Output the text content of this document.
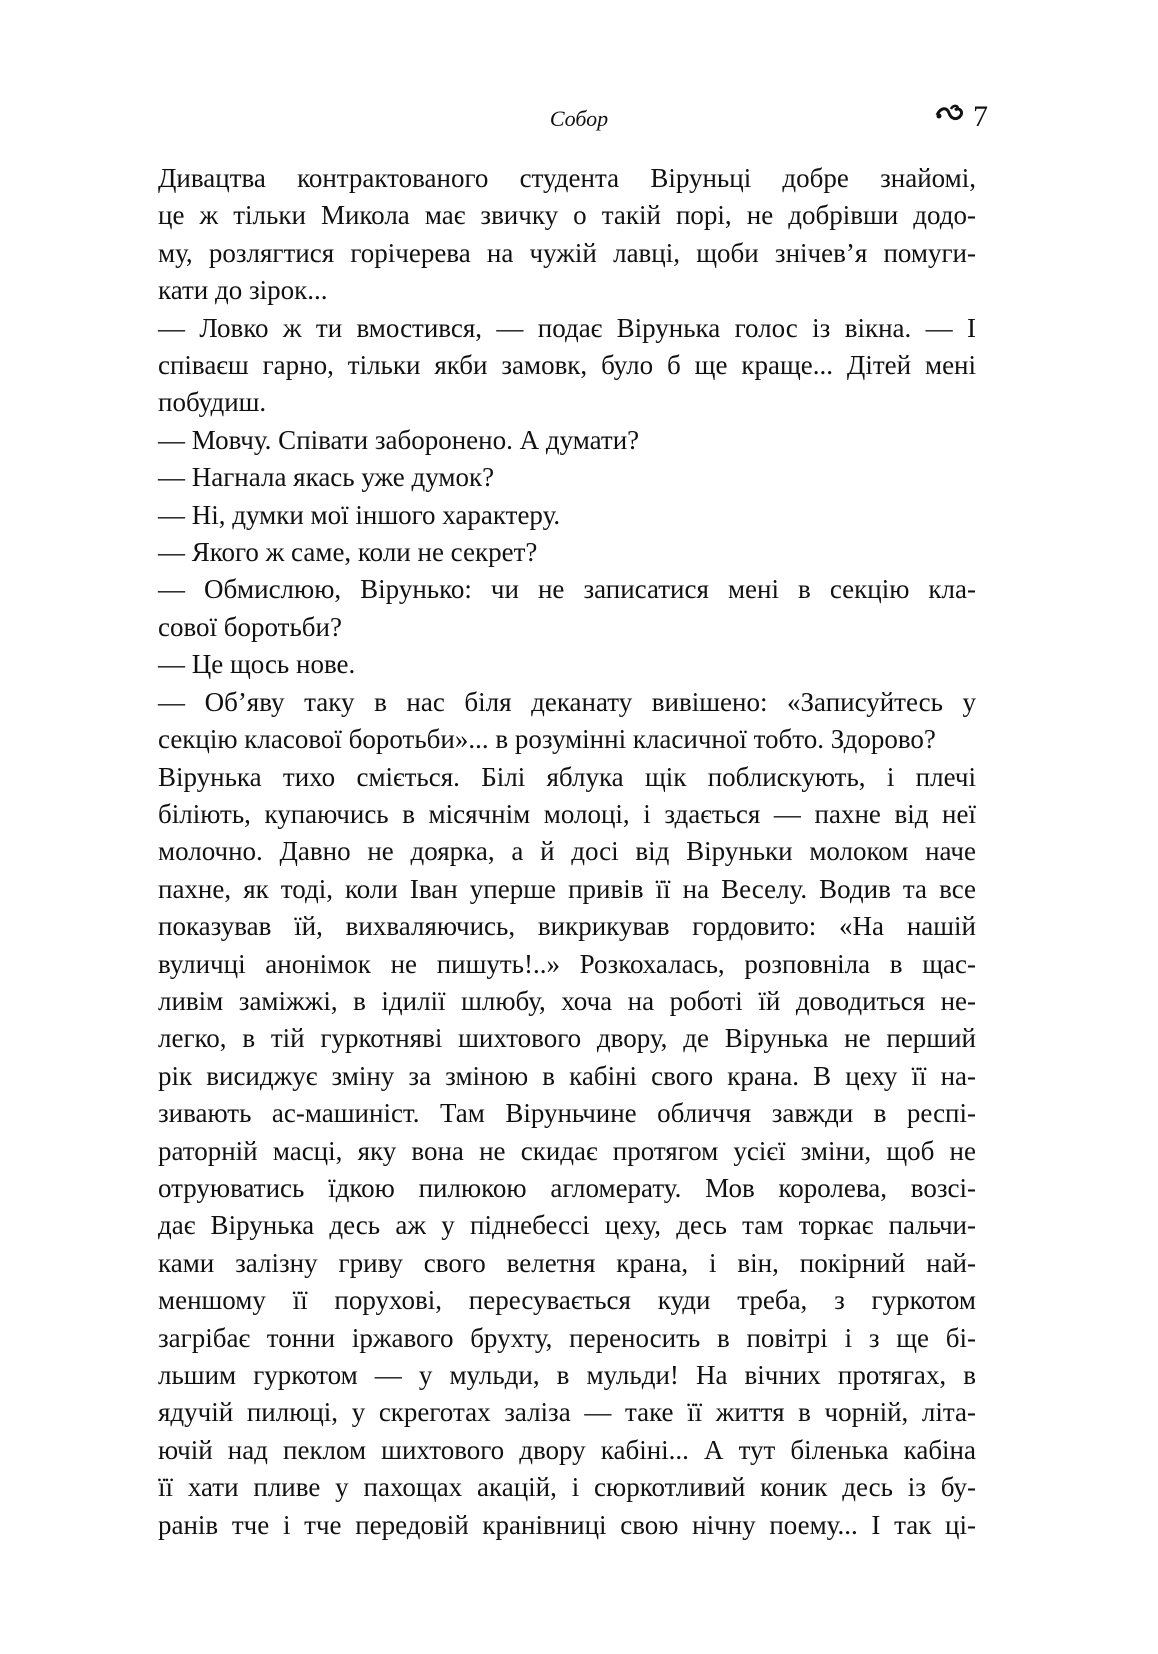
Собор	7
Дивацтва контрактованого студента Віруньці добре знайомі,
це ж тільки Микола має звичку о такій порі, не добрівши додо-
му, розлягтися горічерева на чужій лавці, щоби знічев’я помуги-
кати до зірок...
— Ловко ж ти вмостився, — подає Вірунька голос із вікна. — І
співаєш гарно, тільки якби замовк, було б ще краще... Дітей мені
побудиш.
— Мовчу. Співати заборонено. А думати?
— Нагнала якась уже думок?
— Ні, думки мої іншого характеру.
— Якого ж саме, коли не секрет?
— Обмислюю, Вірунько: чи не записатися мені в секцію кла-
сової боротьби?
— Це щось нове.
— Об’яву таку в нас біля деканату вивішено: «Записуйтесь у
секцію класової боротьби»... в розумінні класичної тобто. Здорово?
Вірунька тихо сміється. Білі яблука щік поблискують, і плечі
біліють, купаючись в місячнім молоці, і здається — пахне від неї
молочно. Давно не доярка, а й досі від Віруньки молоком наче
пахне, як тоді, коли Іван уперше привів її на Веселу. Водив та все
показував їй, вихваляючись, викрикував гордовито: «На нашій
вуличці анонімок не пишуть!..» Розкохалась, розповніла в щас-
ливім заміжжі, в ідилії шлюбу, хоча на роботі їй доводиться не-
легко, в тій гуркотняві шихтового двору, де Вірунька не перший
рік висиджує зміну за зміною в кабіні свого крана. В цеху її на-
зивають ас-машиніст. Там Віруньчине обличчя завжди в респі-
раторній масці, яку вона не скидає протягом усієї зміни, щоб не
отруюватись їдкою пилюкою агломерату. Мов королева, возсі-
дає Вірунька десь аж у піднебессі цеху, десь там торкає пальчи-
ками залізну гриву свого велетня крана, і він, покірний най-
меншому її порухові, пересувається куди треба, з гуркотом
загрібає тонни іржавого брухту, переносить в повітрі і з ще бі-
льшим гуркотом — у мульди, в мульди! На вічних протягах, в
ядучій пилюці, у скреготах заліза — таке її життя в чорній, літа-
ючій над пеклом шихтового двору кабіні... А тут біленька кабіна
її хати пливе у пахощах акацій, і сюркотливий коник десь із бу-
ранів тче і тче передовій кранівниці свою нічну поему... І так ці-
